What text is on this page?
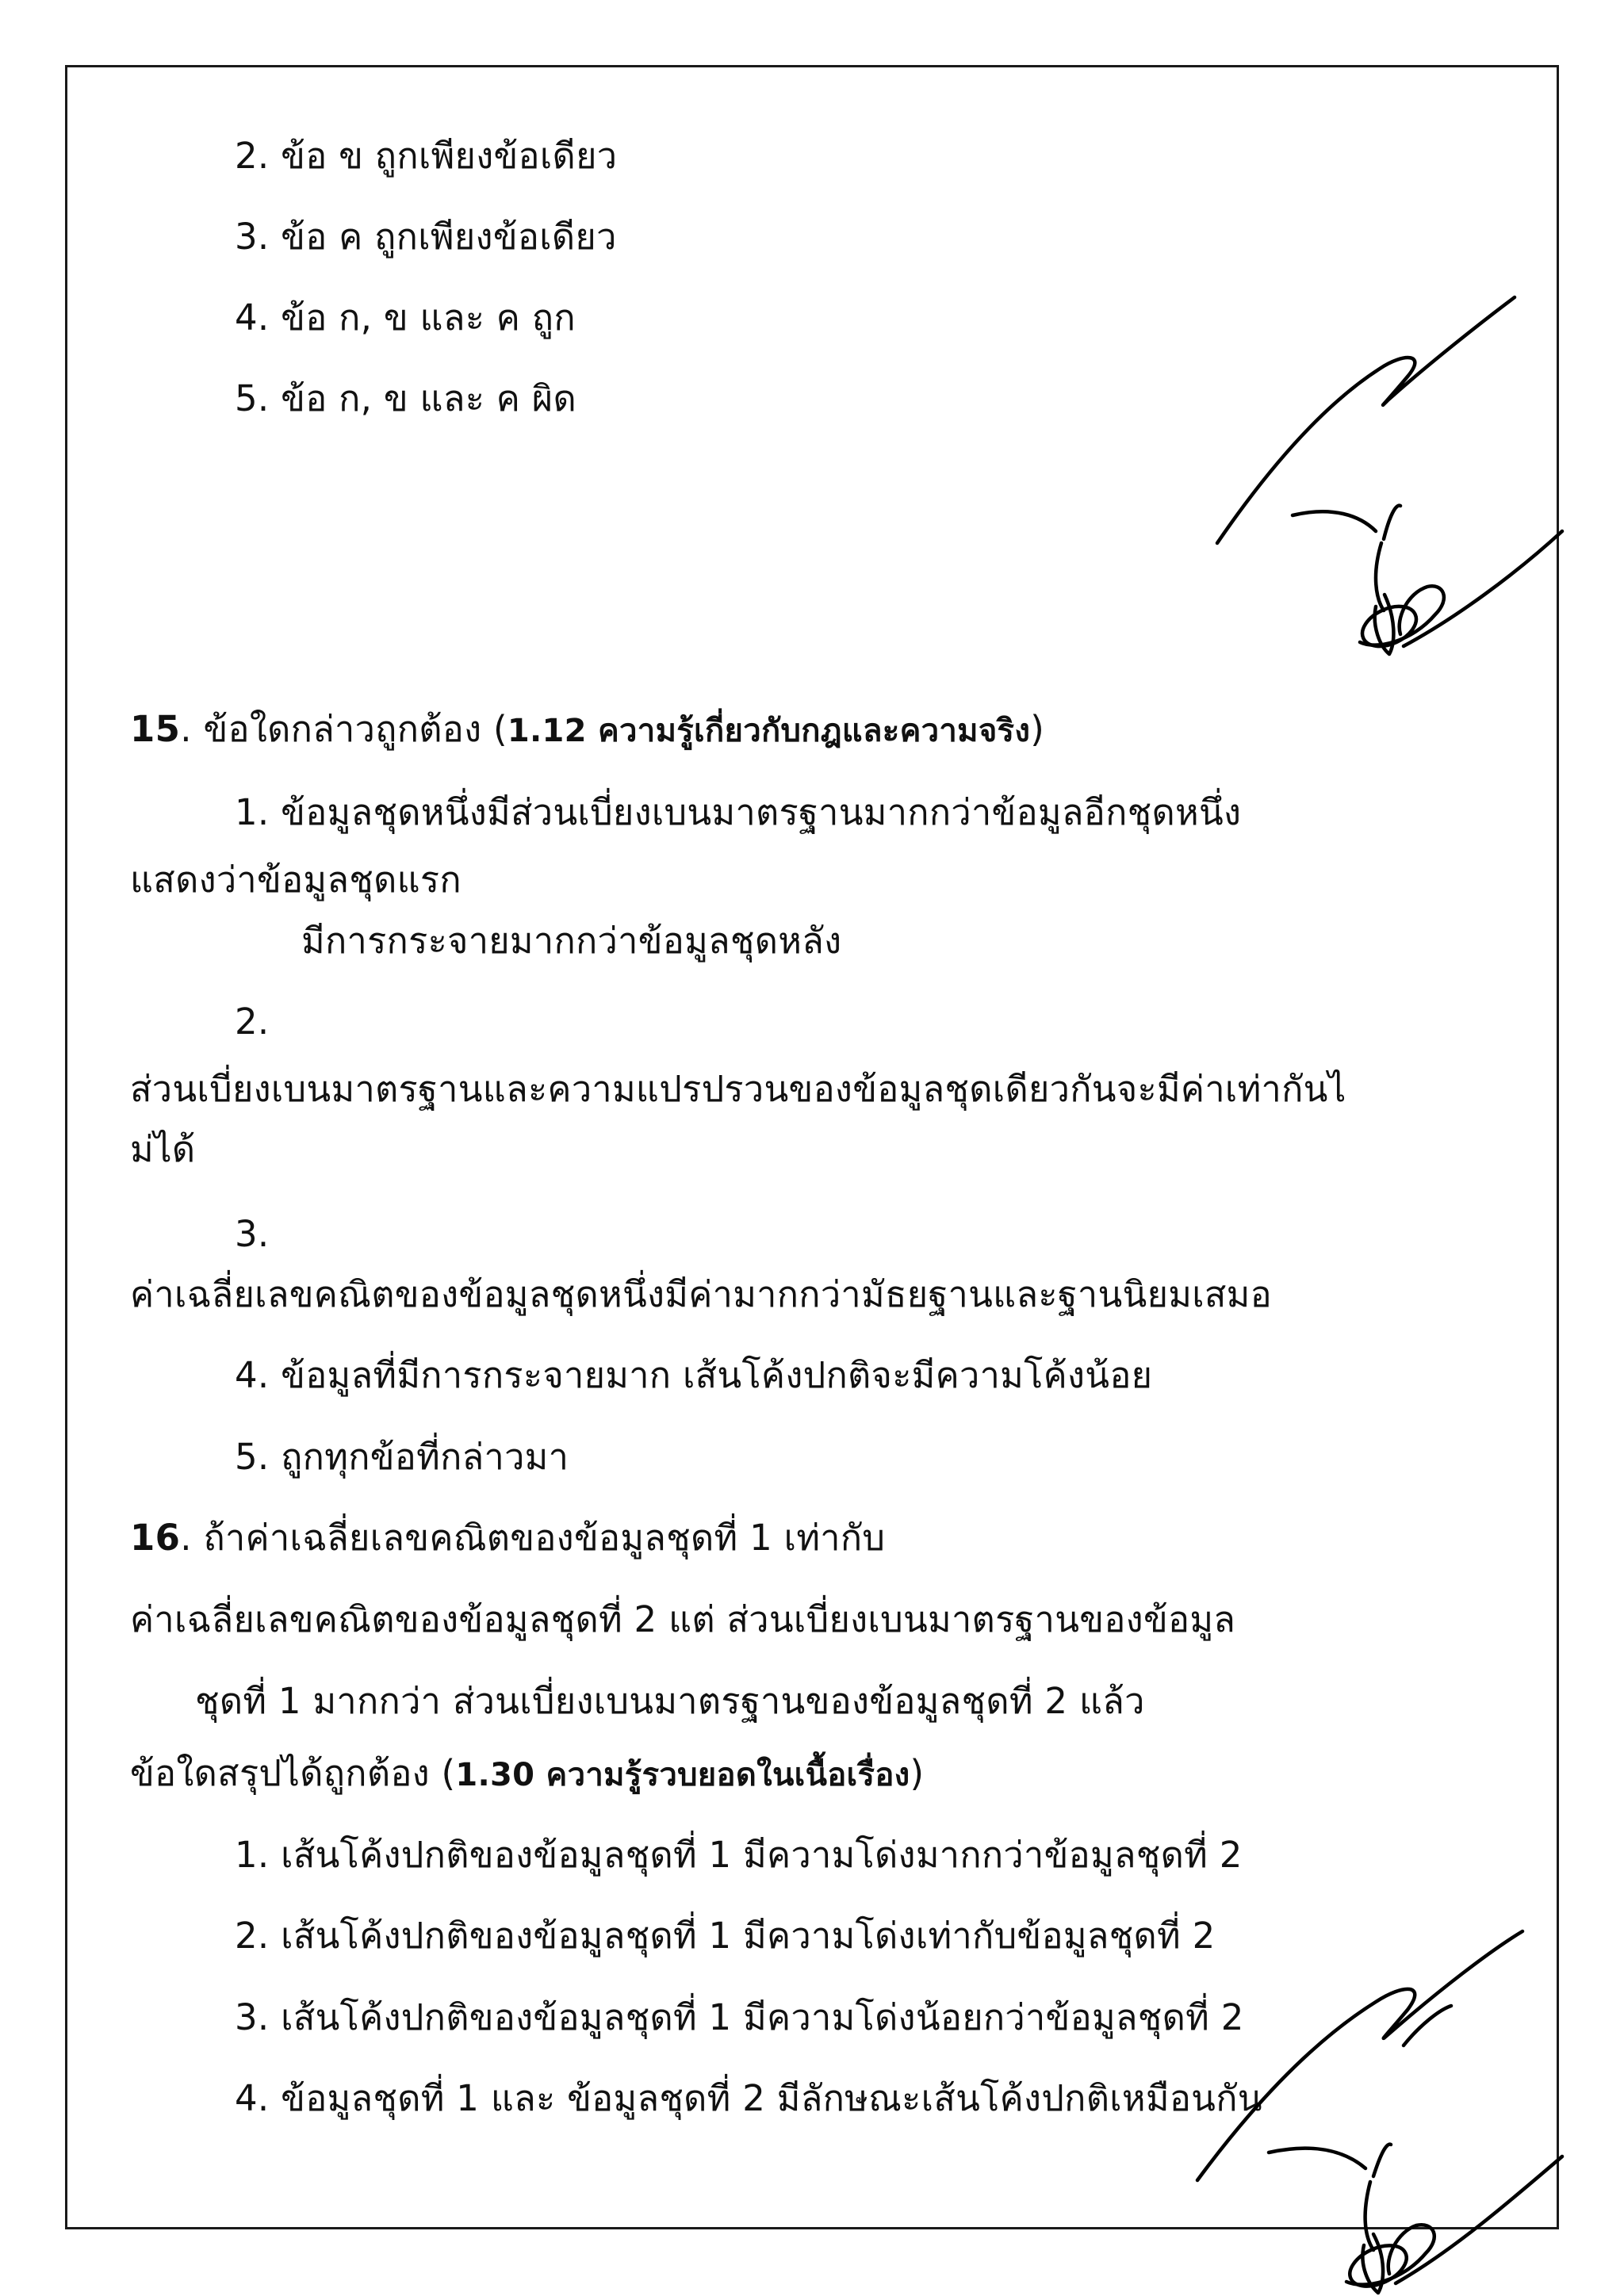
2. ข้อ ข ถูกเพียงข้อเดียว
3. ข้อ ค ถูกเพียงข้อเดียว
4. ข้อ ก, ข และ ค ถูก
5. ข้อ ก, ข และ ค ผิด
15. ข้อใดกล่าวถูกต้อง (1.12 ความรู้เกี่ยวกับกฎและความจริง)
1. ข้อมูลชุดหนึ่งมีส่วนเบี่ยงเบนมาตรฐานมากกว่าข้อมูลอีกชุดหนึ่ง
แสดงว่าข้อมูลชุดแรก
มีการกระจายมากกว่าข้อมูลชุดหลัง
2.
ส่วนเบี่ยงเบนมาตรฐานและความแปรปรวนของข้อมูลชุดเดียวกันจะมีค่าเท่ากันไ
ม่ได้
3.
ค่าเฉลี่ยเลขคณิตของข้อมูลชุดหนึ่งมีค่ามากกว่ามัธยฐานและฐานนิยมเสมอ
4. ข้อมูลที่มีการกระจายมาก เส้นโค้งปกติจะมีความโค้งน้อย
5. ถูกทุกข้อที่กล่าวมา
16. ถ้าค่าเฉลี่ยเลขคณิตของข้อมูลชุดที่ 1 เท่ากับ
ค่าเฉลี่ยเลขคณิตของข้อมูลชุดที่ 2 แต่ ส่วนเบี่ยงเบนมาตรฐานของข้อมูล
ชุดที่ 1 มากกว่า ส่วนเบี่ยงเบนมาตรฐานของข้อมูลชุดที่ 2 แล้ว
ข้อใดสรุปได้ถูกต้อง (1.30 ความรู้รวบยอดในเนื้อเรื่อง)
1. เส้นโค้งปกติของข้อมูลชุดที่ 1 มีความโด่งมากกว่าข้อมูลชุดที่ 2
2. เส้นโค้งปกติของข้อมูลชุดที่ 1 มีความโด่งเท่ากับข้อมูลชุดที่ 2
3. เส้นโค้งปกติของข้อมูลชุดที่ 1 มีความโด่งน้อยกว่าข้อมูลชุดที่ 2
4. ข้อมูลชุดที่ 1 และ ข้อมูลชุดที่ 2 มีลักษณะเส้นโค้งปกติเหมือนกัน
